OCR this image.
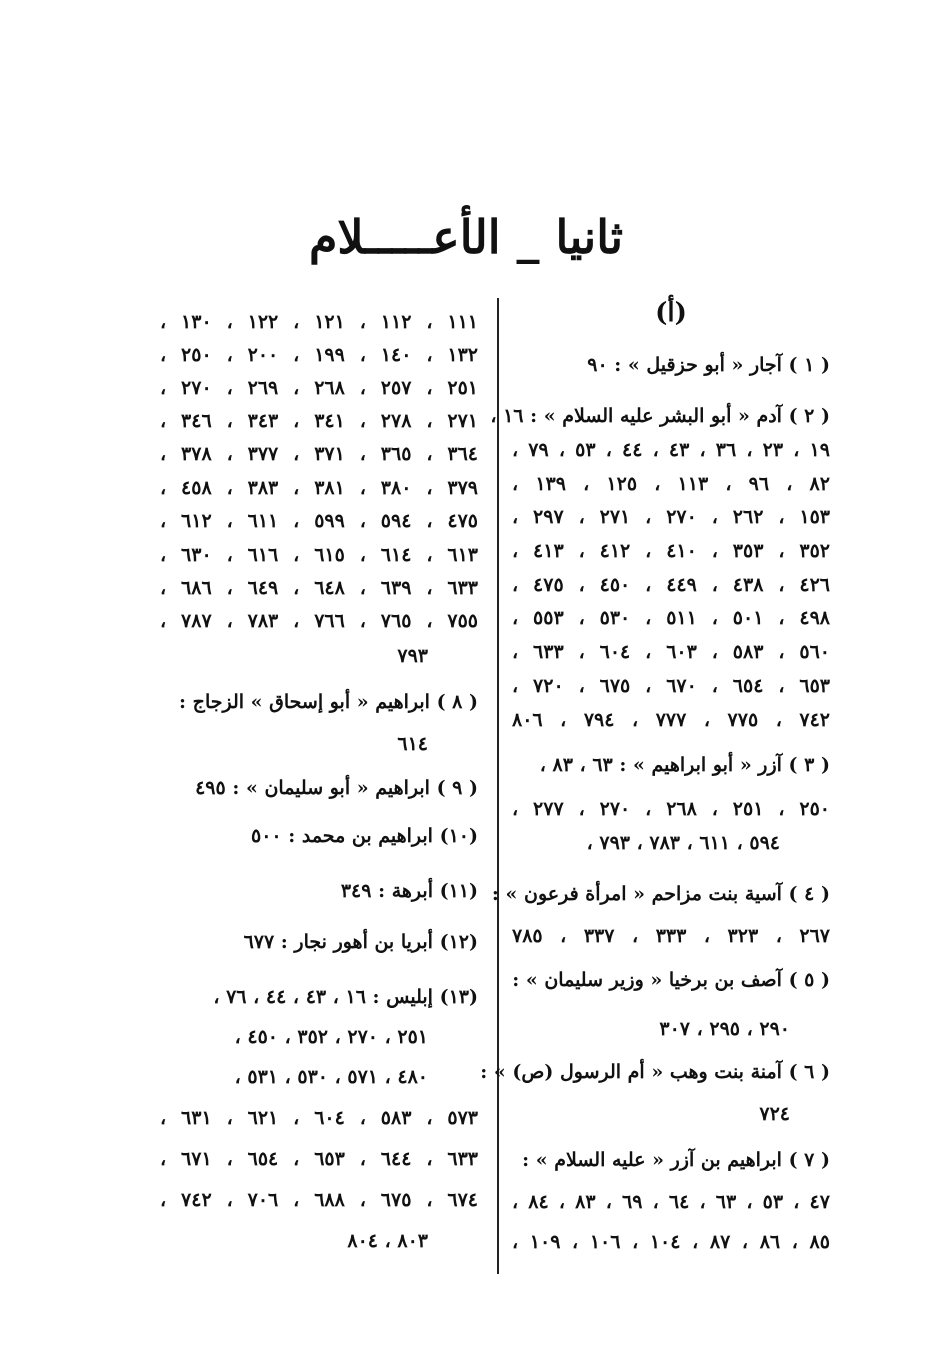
ثانيا _ الأعـــــلام
(أ)
( ١ ) آجار « أبو حزقيل » : ٩٠
( ٢ ) آدم « أبو البشر عليه السلام » : ١٦ ،
١٩ ، ٢٣ ، ٣٦ ، ٤٣ ، ٤٤ ، ٥٣ ، ٧٩ ،
٨٢ ، ٩٦ ، ١١٣ ، ١٢٥ ، ١٣٩ ،
١٥٣ ، ٢٦٢ ، ٢٧٠ ، ٢٧١ ، ٢٩٧ ،
٣٥٢ ، ٣٥٣ ، ٤١٠ ، ٤١٢ ، ٤١٣ ،
٤٢٦ ، ٤٣٨ ، ٤٤٩ ، ٤٥٠ ، ٤٧٥ ،
٤٩٨ ، ٥٠١ ، ٥١١ ، ٥٣٠ ، ٥٥٣ ،
٥٦٠ ، ٥٨٣ ، ٦٠٣ ، ٦٠٤ ، ٦٣٣ ،
٦٥٣ ، ٦٥٤ ، ٦٧٠ ، ٦٧٥ ، ٧٢٠ ،
٧٤٢ ، ٧٧٥ ، ٧٧٧ ، ٧٩٤ ، ٨٠٦
( ٣ ) آزر « أبو ابراهيم » : ٦٣ ، ٨٣ ،
٢٥٠ ، ٢٥١ ، ٢٦٨ ، ٢٧٠ ، ٢٧٧ ،
٥٩٤ ، ٦١١ ، ٧٨٣ ، ٧٩٣ ،
( ٤ ) آسية بنت مزاحم « امرأة فرعون » :
٢٦٧ ، ٣٢٣ ، ٣٣٣ ، ٣٣٧ ، ٧٨٥
( ٥ ) آصف بن برخيا « وزير سليمان » :
٢٩٠ ، ٢٩٥ ، ٣٠٧
( ٦ ) آمنة بنت وهب « أم الرسول (ص) » :
٧٢٤
( ٧ ) ابراهيم بن آزر « عليه السلام » :
٤٧ ، ٥٣ ، ٦٣ ، ٦٤ ، ٦٩ ، ٨٣ ، ٨٤ ،
٨٥ ، ٨٦ ، ٨٧ ، ١٠٤ ، ١٠٦ ، ١٠٩ ،
١١١ ، ١١٢ ، ١٢١ ، ١٢٢ ، ١٣٠ ،
١٣٢ ، ١٤٠ ، ١٩٩ ، ٢٠٠ ، ٢٥٠ ،
٢٥١ ، ٢٥٧ ، ٢٦٨ ، ٢٦٩ ، ٢٧٠ ،
٢٧١ ، ٢٧٨ ، ٣٤١ ، ٣٤٣ ، ٣٤٦ ،
٣٦٤ ، ٣٦٥ ، ٣٧١ ، ٣٧٧ ، ٣٧٨ ،
٣٧٩ ، ٣٨٠ ، ٣٨١ ، ٣٨٣ ، ٤٥٨ ،
٤٧٥ ، ٥٩٤ ، ٥٩٩ ، ٦١١ ، ٦١٢ ،
٦١٣ ، ٦١٤ ، ٦١٥ ، ٦١٦ ، ٦٣٠ ،
٦٣٣ ، ٦٣٩ ، ٦٤٨ ، ٦٤٩ ، ٦٨٦ ،
٧٥٥ ، ٧٦٥ ، ٧٦٦ ، ٧٨٣ ، ٧٨٧ ،
٧٩٣
( ٨ ) ابراهيم « أبو إسحاق » الزجاج :
٦١٤
( ٩ ) ابراهيم « أبو سليمان » : ٤٩٥
(١٠) ابراهيم بن محمد : ٥٠٠
(١١) أبرهة : ٣٤٩
(١٢) أبريا بن أهور نجار : ٦٧٧
(١٣) إبليس : ١٦ ، ٤٣ ، ٤٤ ، ٧٦ ،
٢٥١ ، ٢٧٠ ، ٣٥٢ ، ٤٥٠ ،
٤٨٠ ، ٥٧١ ، ٥٣٠ ، ٥٣١ ،
٥٧٣ ، ٥٨٣ ، ٦٠٤ ، ٦٢١ ، ٦٣١ ،
٦٣٣ ، ٦٤٤ ، ٦٥٣ ، ٦٥٤ ، ٦٧١ ،
٦٧٤ ، ٦٧٥ ، ٦٨٨ ، ٧٠٦ ، ٧٤٢ ،
٨٠٣ ، ٨٠٤
